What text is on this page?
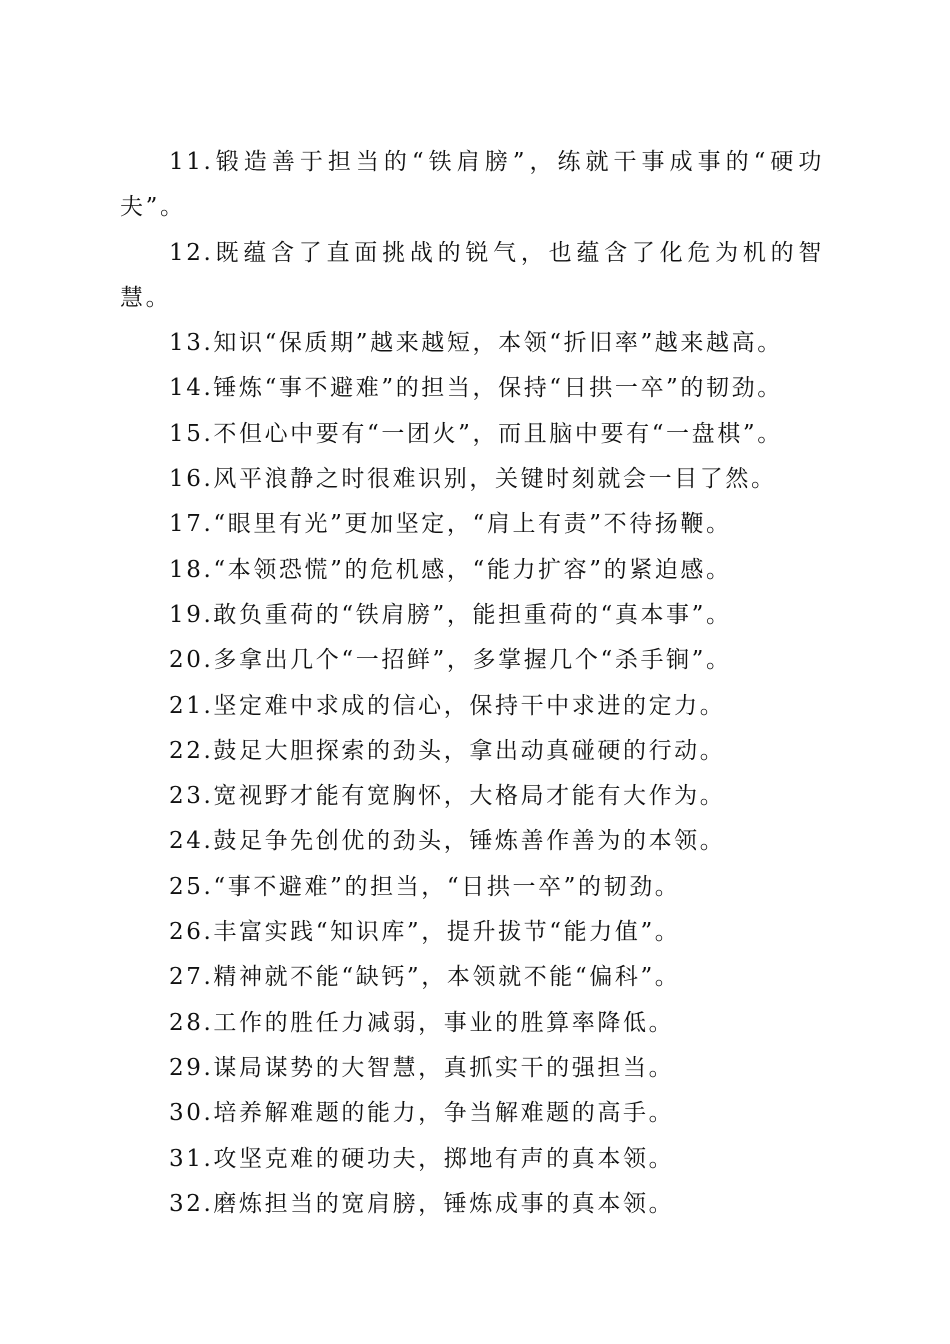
11.锻造善于担当的“铁肩膀”，练就干事成事的“硬功夫”。

12.既蕴含了直面挑战的锐气，也蕴含了化危为机的智慧。

13.知识“保质期”越来越短，本领“折旧率”越来越高。

14.锤炼“事不避难”的担当，保持“日拱一卒”的韧劲。

15.不但心中要有“一团火”，而且脑中要有“一盘棋”。

16.风平浪静之时很难识别，关键时刻就会一目了然。

17.“眼里有光”更加坚定，“肩上有责”不待扬鞭。

18.“本领恐慌”的危机感，“能力扩容”的紧迫感。

19.敢负重荷的“铁肩膀”，能担重荷的“真本事”。

20.多拿出几个“一招鲜”，多掌握几个“杀手锏”。

21.坚定难中求成的信心，保持干中求进的定力。

22.鼓足大胆探索的劲头，拿出动真碰硬的行动。

23.宽视野才能有宽胸怀，大格局才能有大作为。

24.鼓足争先创优的劲头，锤炼善作善为的本领。

25.“事不避难”的担当，“日拱一卒”的韧劲。

26.丰富实践“知识库”，提升拔节“能力值”。

27.精神就不能“缺钙”，本领就不能“偏科”。

28.工作的胜任力减弱，事业的胜算率降低。

29.谋局谋势的大智慧，真抓实干的强担当。

30.培养解难题的能力，争当解难题的高手。

31.攻坚克难的硬功夫，掷地有声的真本领。

32.磨炼担当的宽肩膀，锤炼成事的真本领。
